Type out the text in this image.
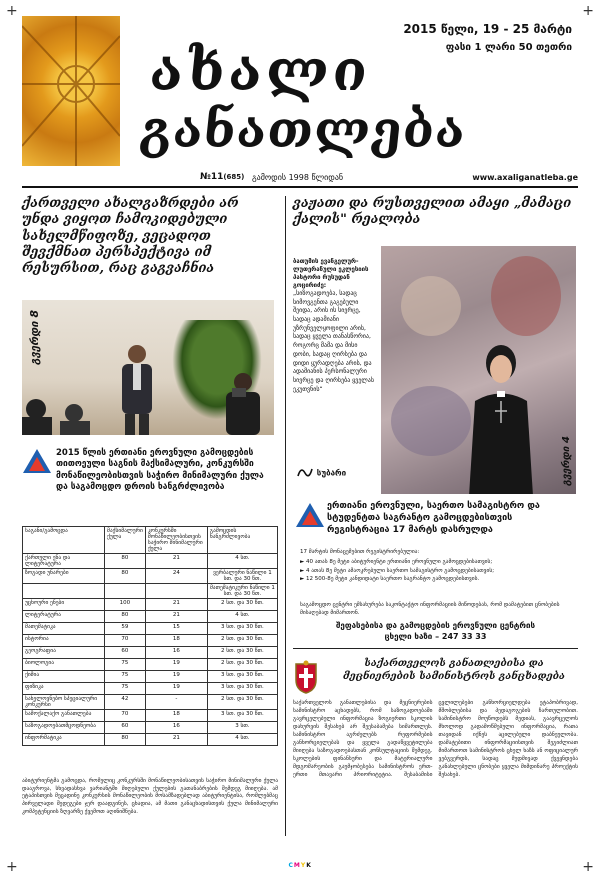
+	+
+	+
ახალი
განათლება
2015 წელი, 19 - 25 მარტი
ფასი 1 ლარი 50 თეთრი
№11(685) გამოდის 1998 წლიდან	www.axaliganatleba.ge
ქართველი ახალგაზრდები არ უნდა ვიყოთ ჩამოკიდებული სახელმწიფოზე, ვეცადოთ შევქმნათ პერსპექტივა იმ რესურსით, რაც გაგვაჩნია
გვერდი 8
ვაჟათი და რუსთველით ამაყი „მამაცი ქალის" რეალობა
ბათუმის ევანგელურ- ლუთერანული ეკლესიის პასტორი რუსუდან გოცირიძე:
„სიზოგადოება, სადაც სიმოვგენთა გაგებული შეიდა, არის ის სივრცე, სადაც ადამიანი უზრუნველყოფილი არის, სადაც ყველა თანასწორია, როგორც მამა და მისი დობი, სადაც ღირსება და დიდი ყურადღება არის, და ადამიანის პერსონალური სივრცე და ღირსება ყველას ეკუთვნის“
გვერდი 4
სუბარი
2015 წლის ერთიანი ეროვნული გამოცდების თითოეული საგნის მაქსიმალური, კონკურსში მონაწილეობისთვის საჭირო მინიმალური ქულა და საგამოცდო დროის ხანგრძლივობა
საგანი/გამოცდა	მაქსიმალური ქულა	კონკურსში მონაწილეობისთვის საჭირო მინიმალური ქულა	გამოცდის ხანგრძლივობა
ქართული ენა და ლიტერატურა	80	21	4 სთ.
ზოგადი უნარები	80	24	ვერბალური ნაწილი 1 სთ. და 30 წთ.
			მათემატიკური ნაწილი 1 სთ. და 30 წთ.
უცხოური ენები	100	21	2 სთ. და 30 წთ.
ლიტერატურა	80	21	4 სთ.
მათემატიკა	59	15	3 სთ. და 30 წთ.
ისტორია	70	18	2 სთ. და 30 წთ.
გეოგრაფია	60	16	2 სთ. და 30 წთ.
ბიოლოგია	75	19	2 სთ. და 30 წთ.
ქიმია	75	19	3 სთ. და 30 წთ.
ფიზიკა	75	19	3 სთ. და 30 წთ.
სახელოვნებო სპეციალური კონკურსი	42	-	2 სთ. და 30 წთ.
სამოქალაქო განათლება	70	18	3 სთ. და 30 წთ.
საზოგადოებათმცოდნეობა	60	16	3 სთ.
ინფორმატიკა	80	21	4 სთ.
აბიტურიენტმა გამოცდა, რომელიც კონკურსში მონაწილეობისათვის საჭირო მინიმალური ქულა დააგროვა, სხვადასხვა ვარიანტში მიღებული ქულების გათანაბრების შემდეგ მიიღება. ამ ეტაპისთვის მეცადინე კონკურსის მონაწილეობის მოსამზადებლად აბიტურიენტისა, რომლებმაც პირველადი შედეგები ჯერ დაადგინეს, ცხადია, ამ მათი განაცხადისთვის ქულა მინიმალური კომპეტენციის ზღვარზე ქვემოთ აღინიშნება.
ერთიანი ეროვნული, საერთო სამაგისტრო და სტუდენტთა საგრანტო გამოცდებისთვის რეგისტრაცია 17 მარტს დასრულდა
17 მარტის მონაცემებით რეგისტრირებულია:
► 40 ათას 8ე მეტი აბიტურიენტი ერთიანი ეროვნული გამოცდებისათვის;
► 4 ათას 8ე მეტი ამაოკრებული საერთო სამაგისტრო გამოცდებისათვის;
► 12 500-8ე მეტი კანდიდატი საერთო საგრანტო გამოცდებისთვის.
საგამოცდო ცენტრი ემსახურება საკონტაქტო ინფორმაციის მიწოდებას, რომ დამატებით ცნობების მისაღებად მიმართონ.
შეფასებისა და გამოცდების ეროვნული ცენტრის
ცხელი ხაზი – 247 33 33
საქართველოს განათლებისა და მეცნიერების სამინისტროს განცხადება
საქართველოს განათლებისა და მეცნიერების სამინისტრო აცხადებს, რომ საზოგადოებაში გავრცელებული ინფორმაცია ზოგიერთი სკოლის დახურვის შესახებ არ შეესაბამება სიმართლეს. სამინისტრო აგრძელებს რეფორმების განხორციელებას და ყველა გადაწყვეტილება მიიღება საზოგადოებასთან კონსულტაციის შემდეგ. სკოლების ფინანსური და მატერიალური მდგომარეობის გაუმჯობესება სამინისტროს ერთ-ერთი მთავარი პრიორიტეტია. შესაბამისი ცვლილებები განხორციელდება ეტაპობრივად, მშობლებისა და პედაგოგების ჩართულობით. სამინისტრო მოუწოდებს მედიას, გაავრცელოს მხოლოდ გადამოწმებული ინფორმაცია, რათა თავიდან იქნეს აცილებული დაბნეულობა. დამატებითი ინფორმაციისთვის შეგიძლიათ მიმართოთ სამინისტროს ცხელ ხაზს ან ოფიციალურ ვებგვერდს, სადაც მუდმივად ქვეყნდება განახლებული ცნობები ყველა მიმდინარე პროექტის შესახებ.
CMYK
